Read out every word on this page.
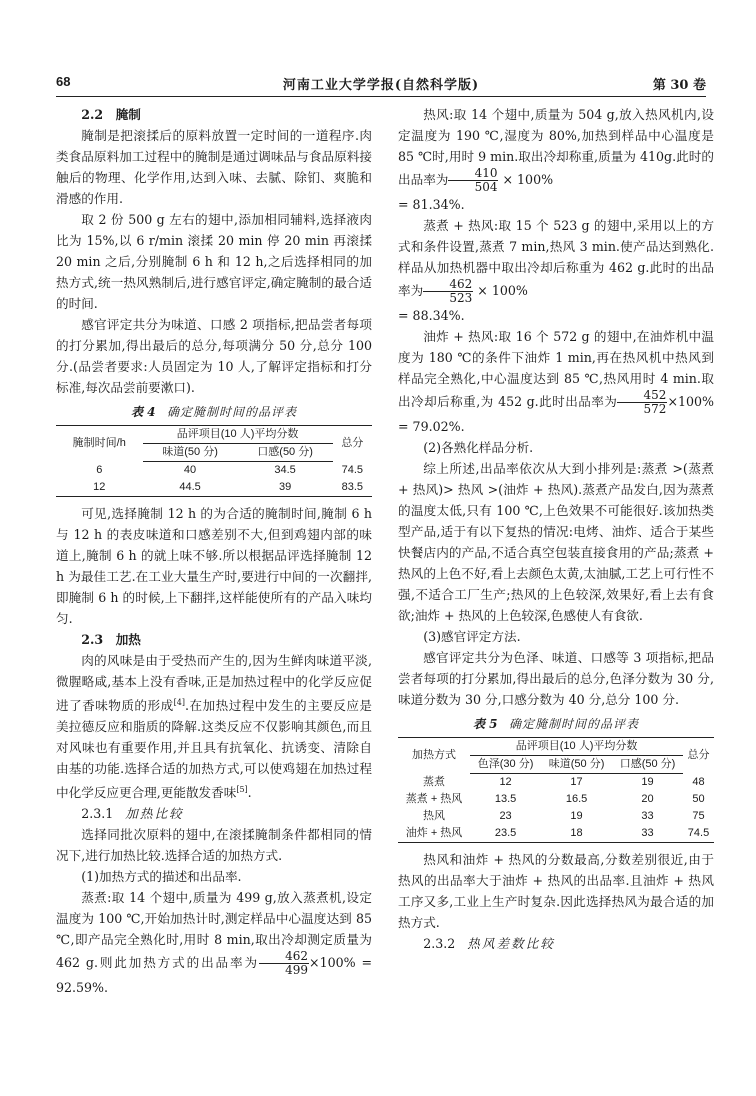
68	河南工业大学学报(自然科学版)	第 30 卷

2.2　腌制

腌制是把滚揉后的原料放置一定时间的一道程序.肉类食品原料加工过程中的腌制是通过调味品与食品原料接触后的物理、化学作用,达到入味、去腻、除钔、爽脆和滑感的作用.

取 2 份 500 g 左右的翅中,添加相同辅料,选择液肉比为 15%,以 6 r/min 滚揉 20 min 停 20 min 再滚揉 20 min 之后,分别腌制 6 h 和 12 h,之后选择相同的加热方式,统一热风熟制后,进行感官评定,确定腌制的最合适的时间.

感官评定共分为味道、口感 2 项指标,把品尝者每项的打分累加,得出最后的总分,每项满分 50 分,总分 100 分.(品尝者要求:人员固定为 10 人,了解评定指标和打分标准,每次品尝前要漱口).

表 4 确定腌制时间的品评表
腌制时间/h	品评项目(10 人)平均分数		总分
	味道(50 分)	口感(50 分)	
6	40	34.5	74.5
12	44.5	39	83.5

可见,选择腌制 12 h 的为合适的腌制时间,腌制 6 h 与 12 h 的表皮味道和口感差别不大,但到鸡翅内部的味道上,腌制 6 h 的就上味不够.所以根据品评选择腌制 12 h 为最佳工艺.在工业大量生产时,要进行中间的一次翻拌,即腌制 6 h 的时候,上下翻拌,这样能使所有的产品入味均匀.

2.3　加热

肉的风味是由于受热而产生的,因为生鲜肉味道平淡,微腥略咸,基本上没有香味,正是加热过程中的化学反应促进了香味物质的形成[4].在加热过程中发生的主要反应是美拉德反应和脂质的降解.这类反应不仅影响其颜色,而且对风味也有重要作用,并且具有抗氧化、抗诱变、清除自由基的功能.选择合适的加热方式,可以使鸡翅在加热过程中化学反应更合理,更能散发香味[5].

2.3.1 加热比较

选择同批次原料的翅中,在滚揉腌制条件都相同的情况下,进行加热比较.选择合适的加热方式.

(1)加热方式的描述和出品率.

蒸煮:取 14 个翅中,质量为 499 g,放入蒸煮机,设定温度为 100 ℃,开始加热计时,测定样品中心温度达到 85 ℃,即产品完全熟化时,用时 8 min,取出冷却测定质量为 462 g.则此加热方式的出品率为 $\frac{462}{499} \times 100\% = 92.59\%$.

热风:取 14 个翅中,质量为 504 g,放入热风机内,设定温度为 190 ℃,湿度为 80%,加热到样品中心温度是 85 ℃时,用时 9 min.取出冷却称重,质量为 410g.此时的出品率为 $\frac{410}{504} \times 100\%$

= 81.34%.

蒸煮 + 热风:取 15 个 523 g 的翅中,采用以上的方式和条件设置,蒸煮 7 min,热风 3 min.使产品达到熟化.样品从加热机器中取出冷却后称重为 462 g.此时的出品率为 $\frac{462}{523} \times 100\%$

= 88.34%.

油炸 + 热风:取 16 个 572 g 的翅中,在油炸机中温度为 180 ℃的条件下油炸 1 min,再在热风机中热风到样品完全熟化,中心温度达到 85 ℃,热风用时 4 min.取出冷却后称重,为 452 g.此时出品率为 $\frac{452}{572} \times 100\% = 79.02\%$.

(2)各熟化样品分析.

综上所述,出品率依次从大到小排列是:蒸煮 >(蒸煮 + 热风)> 热风 >(油炸 + 热风).蒸煮产品发白,因为蒸煮的温度太低,只有 100 ℃,上色效果不可能很好.该加热类型产品,适于有以下复热的情况:电烤、油炸、适合于某些快餐店内的产品,不适合真空包装直接食用的产品;蒸煮 + 热风的上色不好,看上去颜色太黄,太油腻,工艺上可行性不强,不适合工厂生产;热风的上色较深,效果好,看上去有食欲;油炸 + 热风的上色较深,色感使人有食欲.

(3)感官评定方法.

感官评定共分为色泽、味道、口感等 3 项指标,把品尝者每项的打分累加,得出最后的总分,色泽分数为 30 分,味道分数为 30 分,口感分数为 40 分,总分 100 分.

表 5 确定腌制时间的品评表
加热方式	品评项目(10 人)平均分数			总分
	色泽(30 分)	味道(50 分)	口感(50 分)	
蒸煮	12	17	19	48
蒸煮 + 热风	13.5	16.5	20	50
热风	23	19	33	75
油炸 + 热风	23.5	18	33	74.5

热风和油炸 + 热风的分数最高,分数差别很近,由于热风的出品率大于油炸 + 热风的出品率.且油炸 + 热风工序又多,工业上生产时复杂.因此选择热风为最合适的加热方式.

2.3.2 热风差数比较
